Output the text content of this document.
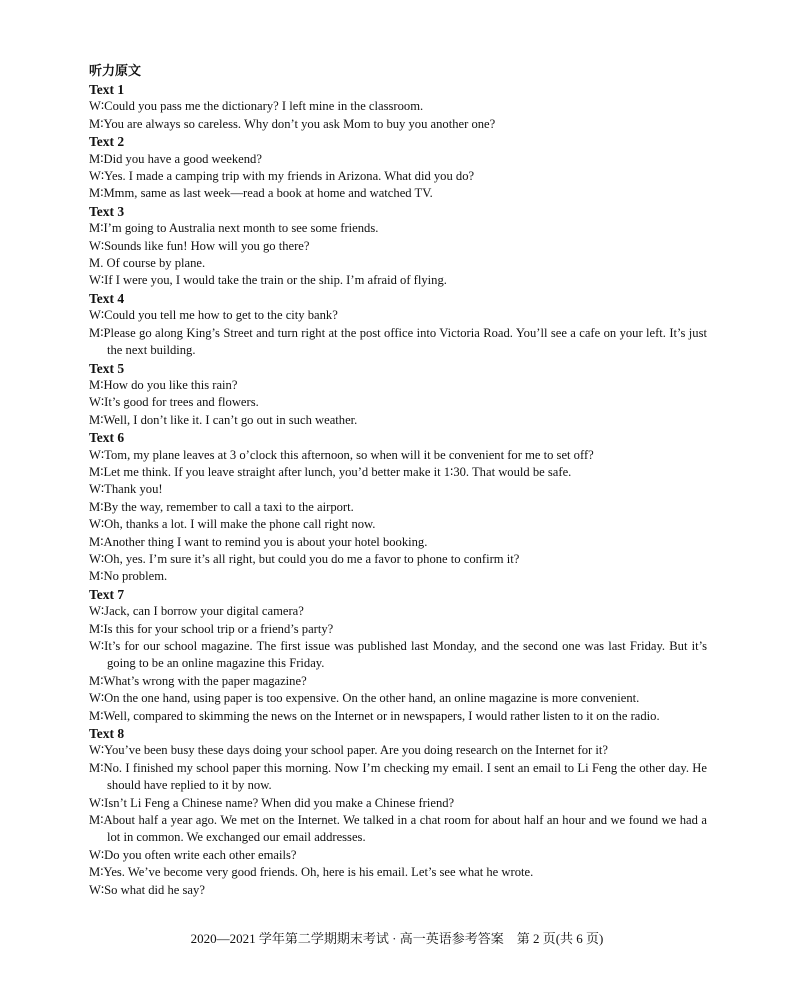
听力原文
Text 1
W∶Could you pass me the dictionary? I left mine in the classroom.
M∶You are always so careless. Why don’t you ask Mom to buy you another one?
Text 2
M∶Did you have a good weekend?
W∶Yes. I made a camping trip with my friends in Arizona. What did you do?
M∶Mmm, same as last week—read a book at home and watched TV.
Text 3
M∶I’m going to Australia next month to see some friends.
W∶Sounds like fun! How will you go there?
M. Of course by plane.
W∶If I were you, I would take the train or the ship. I’m afraid of flying.
Text 4
W∶Could you tell me how to get to the city bank?
M∶Please go along King’s Street and turn right at the post office into Victoria Road. You’ll see a cafe on your left. It’s just the next building.
Text 5
M∶How do you like this rain?
W∶It’s good for trees and flowers.
M∶Well, I don’t like it. I can’t go out in such weather.
Text 6
W∶Tom, my plane leaves at 3 o’clock this afternoon, so when will it be convenient for me to set off?
M∶Let me think. If you leave straight after lunch, you’d better make it 1∶30. That would be safe.
W∶Thank you!
M∶By the way, remember to call a taxi to the airport.
W∶Oh, thanks a lot. I will make the phone call right now.
M∶Another thing I want to remind you is about your hotel booking.
W∶Oh, yes. I’m sure it’s all right, but could you do me a favor to phone to confirm it?
M∶No problem.
Text 7
W∶Jack, can I borrow your digital camera?
M∶Is this for your school trip or a friend’s party?
W∶It’s for our school magazine. The first issue was published last Monday, and the second one was last Friday. But it’s going to be an online magazine this Friday.
M∶What’s wrong with the paper magazine?
W∶On the one hand, using paper is too expensive. On the other hand, an online magazine is more convenient.
M∶Well, compared to skimming the news on the Internet or in newspapers, I would rather listen to it on the radio.
Text 8
W∶You’ve been busy these days doing your school paper. Are you doing research on the Internet for it?
M∶No. I finished my school paper this morning. Now I’m checking my email. I sent an email to Li Feng the other day. He should have replied to it by now.
W∶Isn’t Li Feng a Chinese name? When did you make a Chinese friend?
M∶About half a year ago. We met on the Internet. We talked in a chat room for about half an hour and we found we had a lot in common. We exchanged our email addresses.
W∶Do you often write each other emails?
M∶Yes. We’ve become very good friends. Oh, here is his email. Let’s see what he wrote.
W∶So what did he say?
2020—2021 学年第二学期期末考试 · 高一英语参考答案　第 2 页(共 6 页)
